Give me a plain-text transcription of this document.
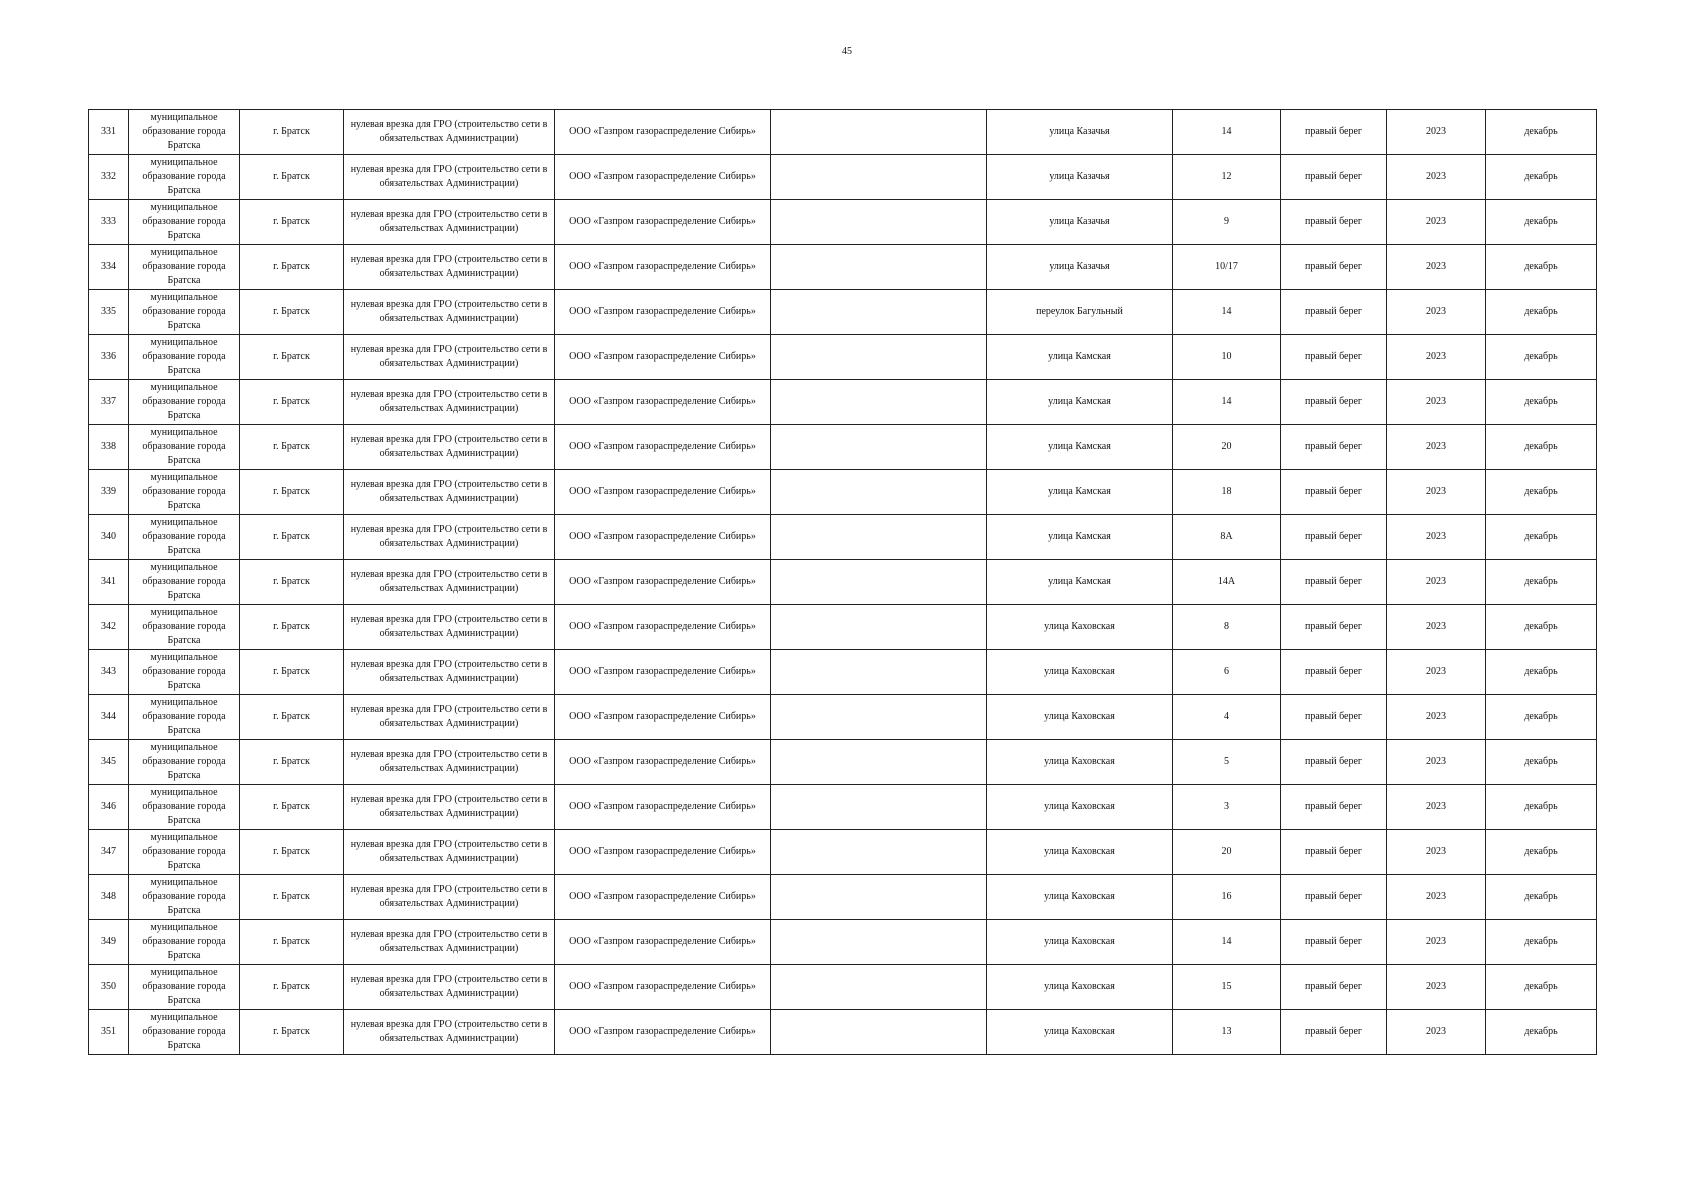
45
331	муниципальное образование города Братска	г. Братск	нулевая врезка для ГРО (строительство сети в обязательствах Администрации)	ООО «Газпром газораспределение Сибирь»		улица Казачья	14	правый берег	2023	декабрь
332	муниципальное образование города Братска	г. Братск	нулевая врезка для ГРО (строительство сети в обязательствах Администрации)	ООО «Газпром газораспределение Сибирь»		улица Казачья	12	правый берег	2023	декабрь
333	муниципальное образование города Братска	г. Братск	нулевая врезка для ГРО (строительство сети в обязательствах Администрации)	ООО «Газпром газораспределение Сибирь»		улица Казачья	9	правый берег	2023	декабрь
334	муниципальное образование города Братска	г. Братск	нулевая врезка для ГРО (строительство сети в обязательствах Администрации)	ООО «Газпром газораспределение Сибирь»		улица Казачья	10/17	правый берег	2023	декабрь
335	муниципальное образование города Братска	г. Братск	нулевая врезка для ГРО (строительство сети в обязательствах Администрации)	ООО «Газпром газораспределение Сибирь»		переулок Багульный	14	правый берег	2023	декабрь
336	муниципальное образование города Братска	г. Братск	нулевая врезка для ГРО (строительство сети в обязательствах Администрации)	ООО «Газпром газораспределение Сибирь»		улица Камская	10	правый берег	2023	декабрь
337	муниципальное образование города Братска	г. Братск	нулевая врезка для ГРО (строительство сети в обязательствах Администрации)	ООО «Газпром газораспределение Сибирь»		улица Камская	14	правый берег	2023	декабрь
338	муниципальное образование города Братска	г. Братск	нулевая врезка для ГРО (строительство сети в обязательствах Администрации)	ООО «Газпром газораспределение Сибирь»		улица Камская	20	правый берег	2023	декабрь
339	муниципальное образование города Братска	г. Братск	нулевая врезка для ГРО (строительство сети в обязательствах Администрации)	ООО «Газпром газораспределение Сибирь»		улица Камская	18	правый берег	2023	декабрь
340	муниципальное образование города Братска	г. Братск	нулевая врезка для ГРО (строительство сети в обязательствах Администрации)	ООО «Газпром газораспределение Сибирь»		улица Камская	8А	правый берег	2023	декабрь
341	муниципальное образование города Братска	г. Братск	нулевая врезка для ГРО (строительство сети в обязательствах Администрации)	ООО «Газпром газораспределение Сибирь»		улица Камская	14А	правый берег	2023	декабрь
342	муниципальное образование города Братска	г. Братск	нулевая врезка для ГРО (строительство сети в обязательствах Администрации)	ООО «Газпром газораспределение Сибирь»		улица Каховская	8	правый берег	2023	декабрь
343	муниципальное образование города Братска	г. Братск	нулевая врезка для ГРО (строительство сети в обязательствах Администрации)	ООО «Газпром газораспределение Сибирь»		улица Каховская	6	правый берег	2023	декабрь
344	муниципальное образование города Братска	г. Братск	нулевая врезка для ГРО (строительство сети в обязательствах Администрации)	ООО «Газпром газораспределение Сибирь»		улица Каховская	4	правый берег	2023	декабрь
345	муниципальное образование города Братска	г. Братск	нулевая врезка для ГРО (строительство сети в обязательствах Администрации)	ООО «Газпром газораспределение Сибирь»		улица Каховская	5	правый берег	2023	декабрь
346	муниципальное образование города Братска	г. Братск	нулевая врезка для ГРО (строительство сети в обязательствах Администрации)	ООО «Газпром газораспределение Сибирь»		улица Каховская	3	правый берег	2023	декабрь
347	муниципальное образование города Братска	г. Братск	нулевая врезка для ГРО (строительство сети в обязательствах Администрации)	ООО «Газпром газораспределение Сибирь»		улица Каховская	20	правый берег	2023	декабрь
348	муниципальное образование города Братска	г. Братск	нулевая врезка для ГРО (строительство сети в обязательствах Администрации)	ООО «Газпром газораспределение Сибирь»		улица Каховская	16	правый берег	2023	декабрь
349	муниципальное образование города Братска	г. Братск	нулевая врезка для ГРО (строительство сети в обязательствах Администрации)	ООО «Газпром газораспределение Сибирь»		улица Каховская	14	правый берег	2023	декабрь
350	муниципальное образование города Братска	г. Братск	нулевая врезка для ГРО (строительство сети в обязательствах Администрации)	ООО «Газпром газораспределение Сибирь»		улица Каховская	15	правый берег	2023	декабрь
351	муниципальное образование города Братска	г. Братск	нулевая врезка для ГРО (строительство сети в обязательствах Администрации)	ООО «Газпром газораспределение Сибирь»		улица Каховская	13	правый берег	2023	декабрь
